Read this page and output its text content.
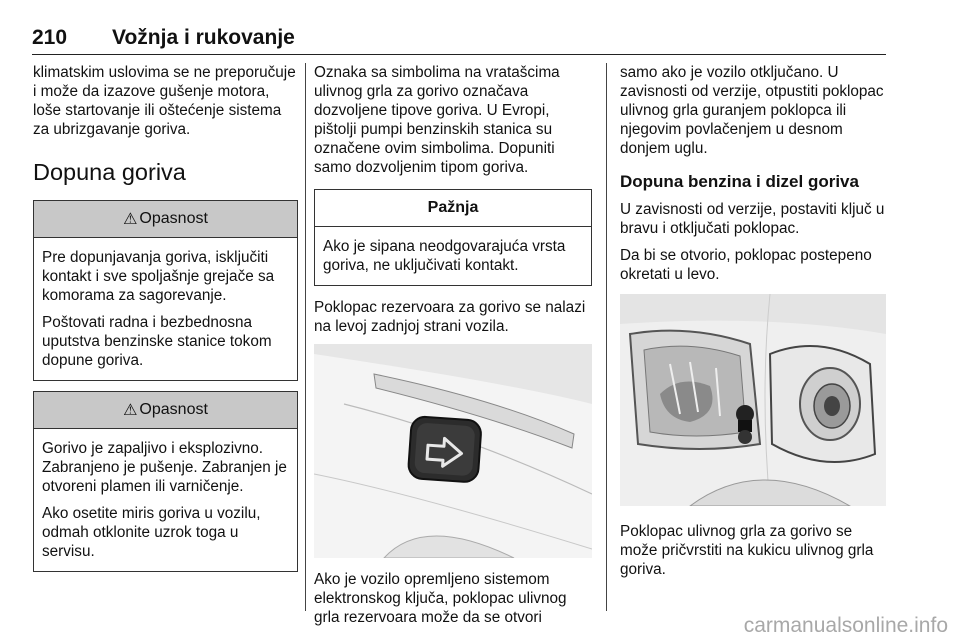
210 Vožnja i rukovanje

klimatskim uslovima se ne preporučuje i može da izazove gušenje motora, loše startovanje ili oštećenje sistema za ubrizgavanje goriva.

Dopuna goriva
⚠ Opasnost

Pre dopunjavanja goriva, isključiti kontakt i sve spoljašnje grejače sa komorama za sagorevanje.

Poštovati radna i bezbednosna uputstva benzinske stanice tokom dopune goriva.

⚠ Opasnost

Gorivo je zapaljivo i eksplozivno. Zabranjeno je pušenje. Zabranjen je otvoreni plamen ili varničenje.

Ako osetite miris goriva u vozilu, odmah otklonite uzrok toga u servisu.

Oznaka sa simbolima na vratašcima ulivnog grla za gorivo označava dozvoljene tipove goriva. U Evropi, pištolji pumpi benzinskih stanica su označene ovim simbolima. Dopuniti samo dozvoljenim tipom goriva.

Pažnja

Ako je sipana neodgovarajuća vrsta goriva, ne uključivati kontakt.

Poklopac rezervoara za gorivo se nalazi na levoj zadnjoj strani vozila.

Ako je vozilo opremljeno sistemom elektronskog ključa, poklopac ulivnog grla rezervoara može da se otvori

samo ako je vozilo otključano. U zavisnosti od verzije, otpustiti poklopac ulivnog grla guranjem poklopca ili njegovim povlačenjem u desnom donjem uglu.

Dopuna benzina i dizel goriva

U zavisnosti od verzije, postaviti ključ u bravu i otključati poklopac.

Da bi se otvorio, poklopac postepeno okretati u levo.

Poklopac ulivnog grla za gorivo se može pričvrstiti na kukicu ulivnog grla goriva.

carmanualsonline.info
